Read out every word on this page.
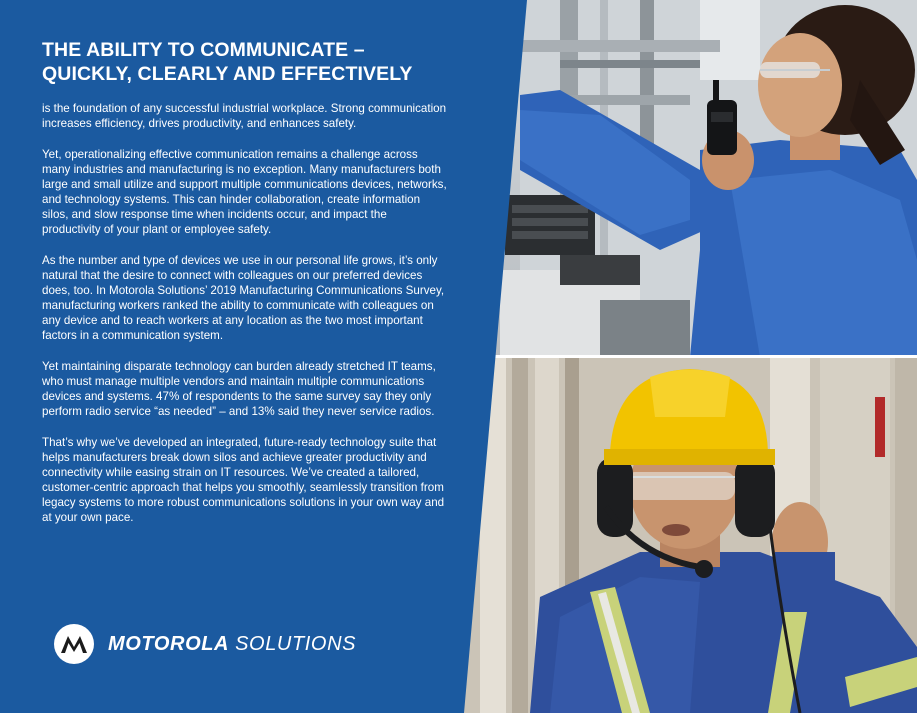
THE ABILITY TO COMMUNICATE –
QUICKLY, CLEARLY AND EFFECTIVELY

is the foundation of any successful industrial workplace. Strong communication increases efficiency, drives productivity, and enhances safety.

Yet, operationalizing effective communication remains a challenge across many industries and manufacturing is no exception. Many manufacturers both large and small utilize and support multiple communications devices, networks, and technology systems. This can hinder collaboration, create information silos, and slow response time when incidents occur, and impact the productivity of your plant or employee safety.

As the number and type of devices we use in our personal life grows, it’s only natural that the desire to connect with colleagues on our preferred devices does, too. In Motorola Solutions’ 2019 Manufacturing Communications Survey, manufacturing workers ranked the ability to communicate with colleagues on any device and to reach workers at any location as the two most important factors in a communication system.

Yet maintaining disparate technology can burden already stretched IT teams, who must manage multiple vendors and maintain multiple communications devices and systems. 47% of respondents to the same survey say they only perform radio service “as needed” – and 13% said they never service radios.

That’s why we’ve developed an integrated, future-ready technology suite that helps manufacturers break down silos and achieve greater productivity and connectivity while easing strain on IT resources. We’ve created a tailored, customer-centric approach that helps you smoothly, seamlessly transition from legacy systems to more robust communications solutions in your own way and at your own pace.

MOTOROLA SOLUTIONS
